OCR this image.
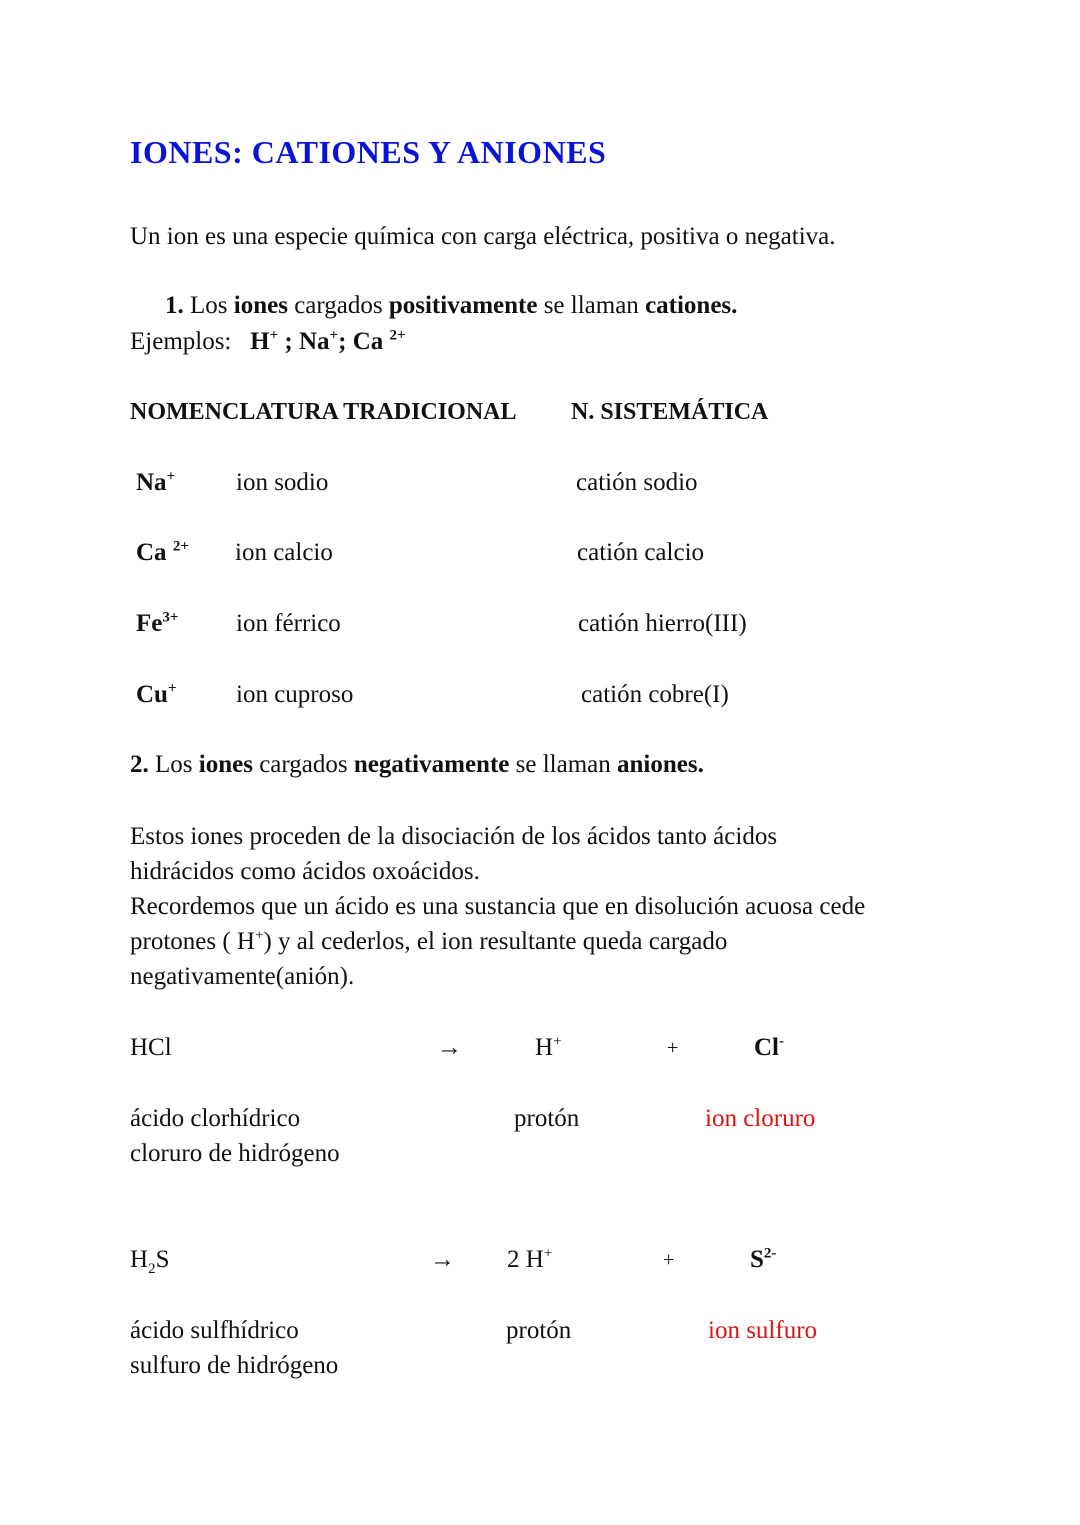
IONES: CATIONES Y ANIONES
Un ion es una especie química con carga eléctrica, positiva o negativa.
1. Los iones cargados positivamente se llaman cationes.
Ejemplos: H+ ; Na+; Ca $^{2+}$
NOMENCLATURA TRADICIONAL N. SISTEMÁTICA
Na+ ion sodio	catión sodio
Ca $^{2+}$ ion calcio	catión calcio
$Fe^{3+}$ ion férrico	catión hierro(III)
Cu+ ion cuproso	catión cobre(I)
2. Los iones cargados negativamente se llaman aniones.
Estos iones proceden de la disociación de los ácidos tanto ácidos
hidrácidos como ácidos oxoácidos.
Recordemos que un ácido es una sustancia que en disolución acuosa cede
protones ( H+) y al cederlos, el ion resultante queda cargado
negativamente(anión).
HCl	→	H+	+	Cl-
ácido clorhídrico	protón	ion cloruro
cloruro de hidrógeno
$H_2S$	→ 2 H+	+	$S^{2-}$
ácido sulfhídrico	protón	ion sulfuro
sulfuro de hidrógeno
